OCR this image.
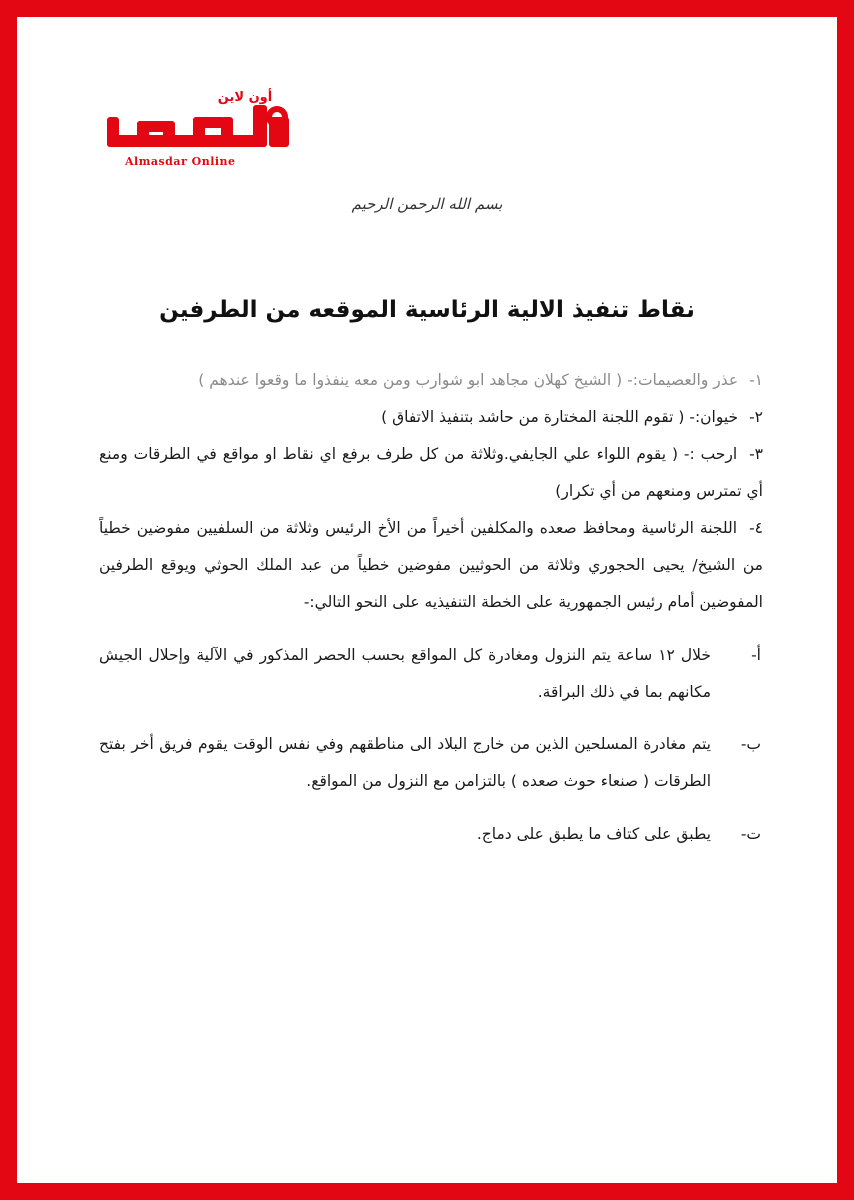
أون لاين
Almasdar Online
بسم الله الرحمن الرحيم
نقاط تنفيذ الالية الرئاسية الموقعه من الطرفين

١- عذر والعصيمات:- ( الشيخ كهلان مجاهد ابو شوارب ومن معه ينفذوا ما وقعوا عندهم )

٢- خيوان:- ( تقوم اللجنة المختارة من حاشد بتنفيذ الاتفاق )

٣- ارحب :- ( يقوم اللواء علي الجايفي.وثلاثة من كل طرف برفع اي نقاط او مواقع في الطرقات ومنع أي تمترس ومنعهم من أي تكرار)

٤- اللجنة الرئاسية ومحافظ صعده والمكلفين أخيراً من الأخ الرئيس وثلاثة من السلفيين مفوضين خطياً من الشيخ/ يحيى الحجوري وثلاثة من الحوثيين مفوضين خطياً من عبد الملك الحوثي ويوقع الطرفين المفوضين أمام رئيس الجمهورية على الخطة التنفيذيه على النحو التالي:-

أ-
خلال ١٢ ساعة يتم النزول ومغادرة كل المواقع بحسب الحصر المذكور في الآلية وإحلال الجيش مكانهم بما في ذلك البراقة.

ب-
يتم مغادرة المسلحين الذين من خارج البلاد الى مناطقهم وفي نفس الوقت يقوم فريق أخر بفتح الطرقات ( صنعاء حوث صعده ) بالتزامن مع النزول من المواقع.

ت-
يطبق على كتاف ما يطبق على دماج.
